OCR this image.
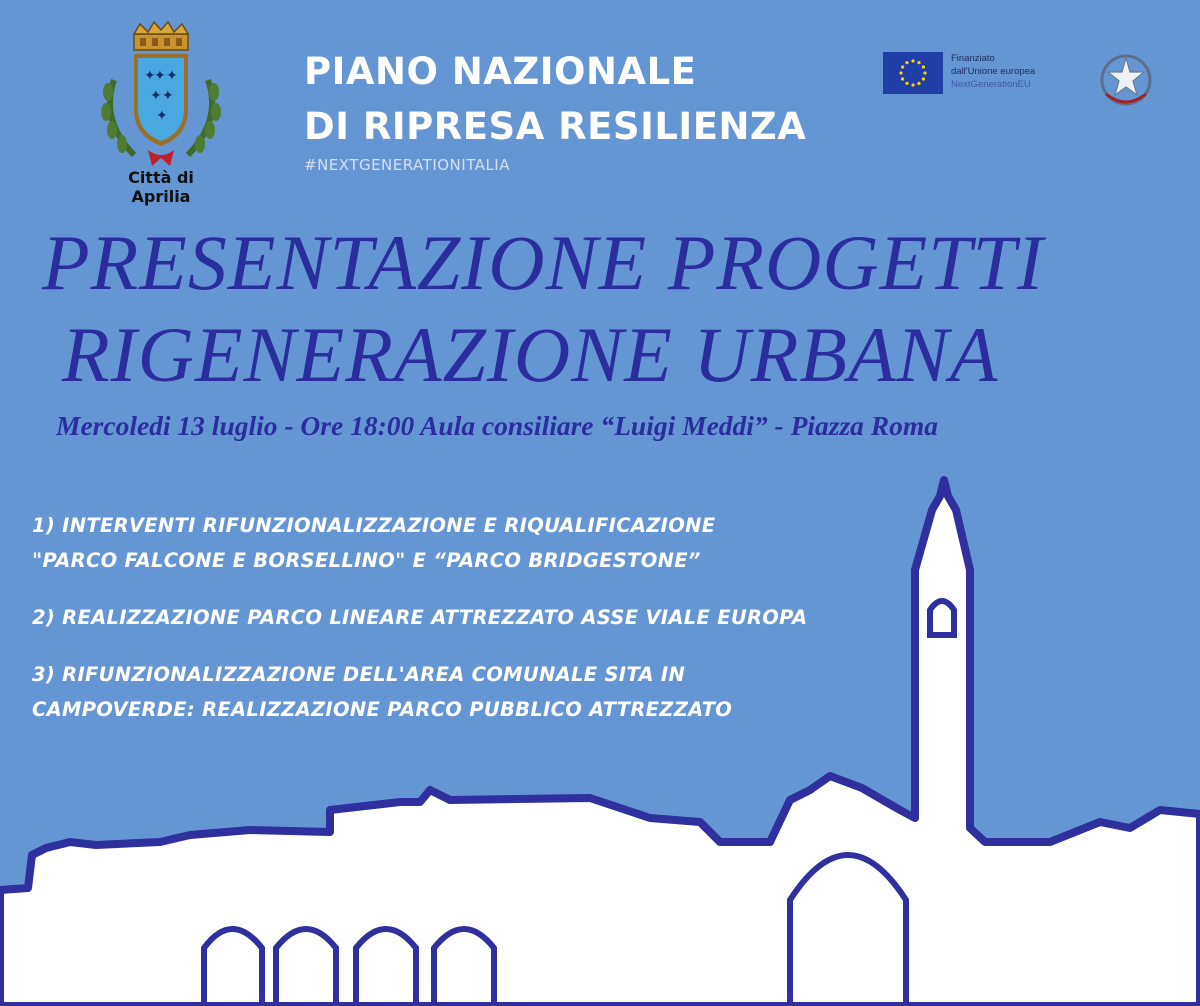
✦
✦ ✦
✦ ✦
✦
Città di Aprilia
PIANO NAZIONALE
DI RIPRESA RESILIENZA
#NEXTGENERATIONITALIA
Finanziato
dall'Unione europea
NextGenerationEU
PRESENTAZIONE PROGETTI
RIGENERAZIONE URBANA
Mercoledi 13 luglio - Ore 18:00 Aula consiliare “Luigi Meddi” - Piazza Roma
1) INTERVENTI RIFUNZIONALIZZAZIONE E RIQUALIFICAZIONE
"PARCO FALCONE E BORSELLINO" E “PARCO BRIDGESTONE”
2) REALIZZAZIONE PARCO LINEARE ATTREZZATO ASSE VIALE EUROPA
3) RIFUNZIONALIZZAZIONE DELL'AREA COMUNALE SITA IN
CAMPOVERDE: REALIZZAZIONE PARCO PUBBLICO ATTREZZATO
